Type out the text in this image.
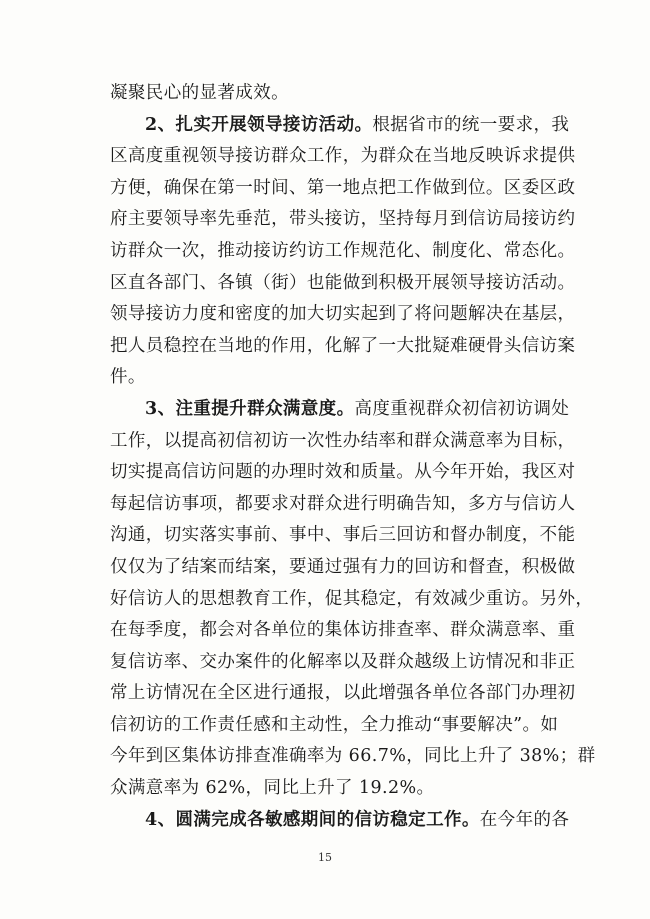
凝聚民心的显著成效。
2、扎实开展领导接访活动。根据省市的统一要求，我
区高度重视领导接访群众工作，为群众在当地反映诉求提供
方便，确保在第一时间、第一地点把工作做到位。区委区政
府主要领导率先垂范，带头接访，坚持每月到信访局接访约
访群众一次，推动接访约访工作规范化、制度化、常态化。
区直各部门、各镇（街）也能做到积极开展领导接访活动。
领导接访力度和密度的加大切实起到了将问题解决在基层，
把人员稳控在当地的作用，化解了一大批疑难硬骨头信访案
件。
3、注重提升群众满意度。高度重视群众初信初访调处
工作，以提高初信初访一次性办结率和群众满意率为目标，
切实提高信访问题的办理时效和质量。从今年开始，我区对
每起信访事项，都要求对群众进行明确告知，多方与信访人
沟通，切实落实事前、事中、事后三回访和督办制度，不能
仅仅为了结案而结案，要通过强有力的回访和督查，积极做
好信访人的思想教育工作，促其稳定，有效减少重访。另外，
在每季度，都会对各单位的集体访排查率、群众满意率、重
复信访率、交办案件的化解率以及群众越级上访情况和非正
常上访情况在全区进行通报，以此增强各单位各部门办理初
信初访的工作责任感和主动性，全力推动“事要解决”。如
今年到区集体访排查准确率为 66.7%，同比上升了 38%；群
众满意率为 62%，同比上升了 19.2%。
4、圆满完成各敏感期间的信访稳定工作。在今年的各
15
